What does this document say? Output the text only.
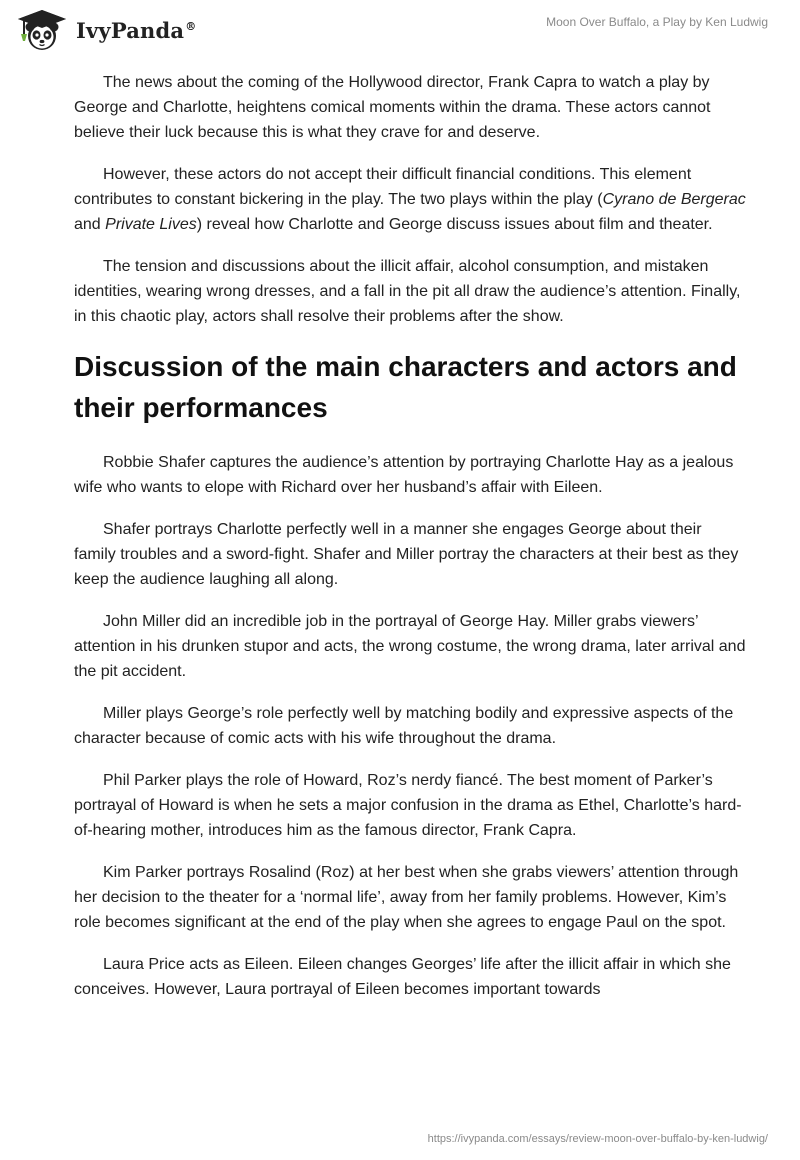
IvyPanda®	Moon Over Buffalo, a Play by Ken Ludwig

The news about the coming of the Hollywood director, Frank Capra to watch a play by George and Charlotte, heightens comical moments within the drama. These actors cannot believe their luck because this is what they crave for and deserve.

However, these actors do not accept their difficult financial conditions. This element contributes to constant bickering in the play. The two plays within the play (Cyrano de Bergerac and Private Lives) reveal how Charlotte and George discuss issues about film and theater.

The tension and discussions about the illicit affair, alcohol consumption, and mistaken identities, wearing wrong dresses, and a fall in the pit all draw the audience’s attention. Finally, in this chaotic play, actors shall resolve their problems after the show.

Discussion of the main characters and actors and their performances

Robbie Shafer captures the audience’s attention by portraying Charlotte Hay as a jealous wife who wants to elope with Richard over her husband’s affair with Eileen.

Shafer portrays Charlotte perfectly well in a manner she engages George about their family troubles and a sword-fight. Shafer and Miller portray the characters at their best as they keep the audience laughing all along.

John Miller did an incredible job in the portrayal of George Hay. Miller grabs viewers’ attention in his drunken stupor and acts, the wrong costume, the wrong drama, later arrival and the pit accident.

Miller plays George’s role perfectly well by matching bodily and expressive aspects of the character because of comic acts with his wife throughout the drama.

Phil Parker plays the role of Howard, Roz’s nerdy fiancé. The best moment of Parker’s portrayal of Howard is when he sets a major confusion in the drama as Ethel, Charlotte’s hard-of-hearing mother, introduces him as the famous director, Frank Capra.

Kim Parker portrays Rosalind (Roz) at her best when she grabs viewers’ attention through her decision to the theater for a ‘normal life’, away from her family problems. However, Kim’s role becomes significant at the end of the play when she agrees to engage Paul on the spot.

Laura Price acts as Eileen. Eileen changes Georges’ life after the illicit affair in which she conceives. However, Laura portrayal of Eileen becomes important towards

https://ivypanda.com/essays/review-moon-over-buffalo-by-ken-ludwig/
